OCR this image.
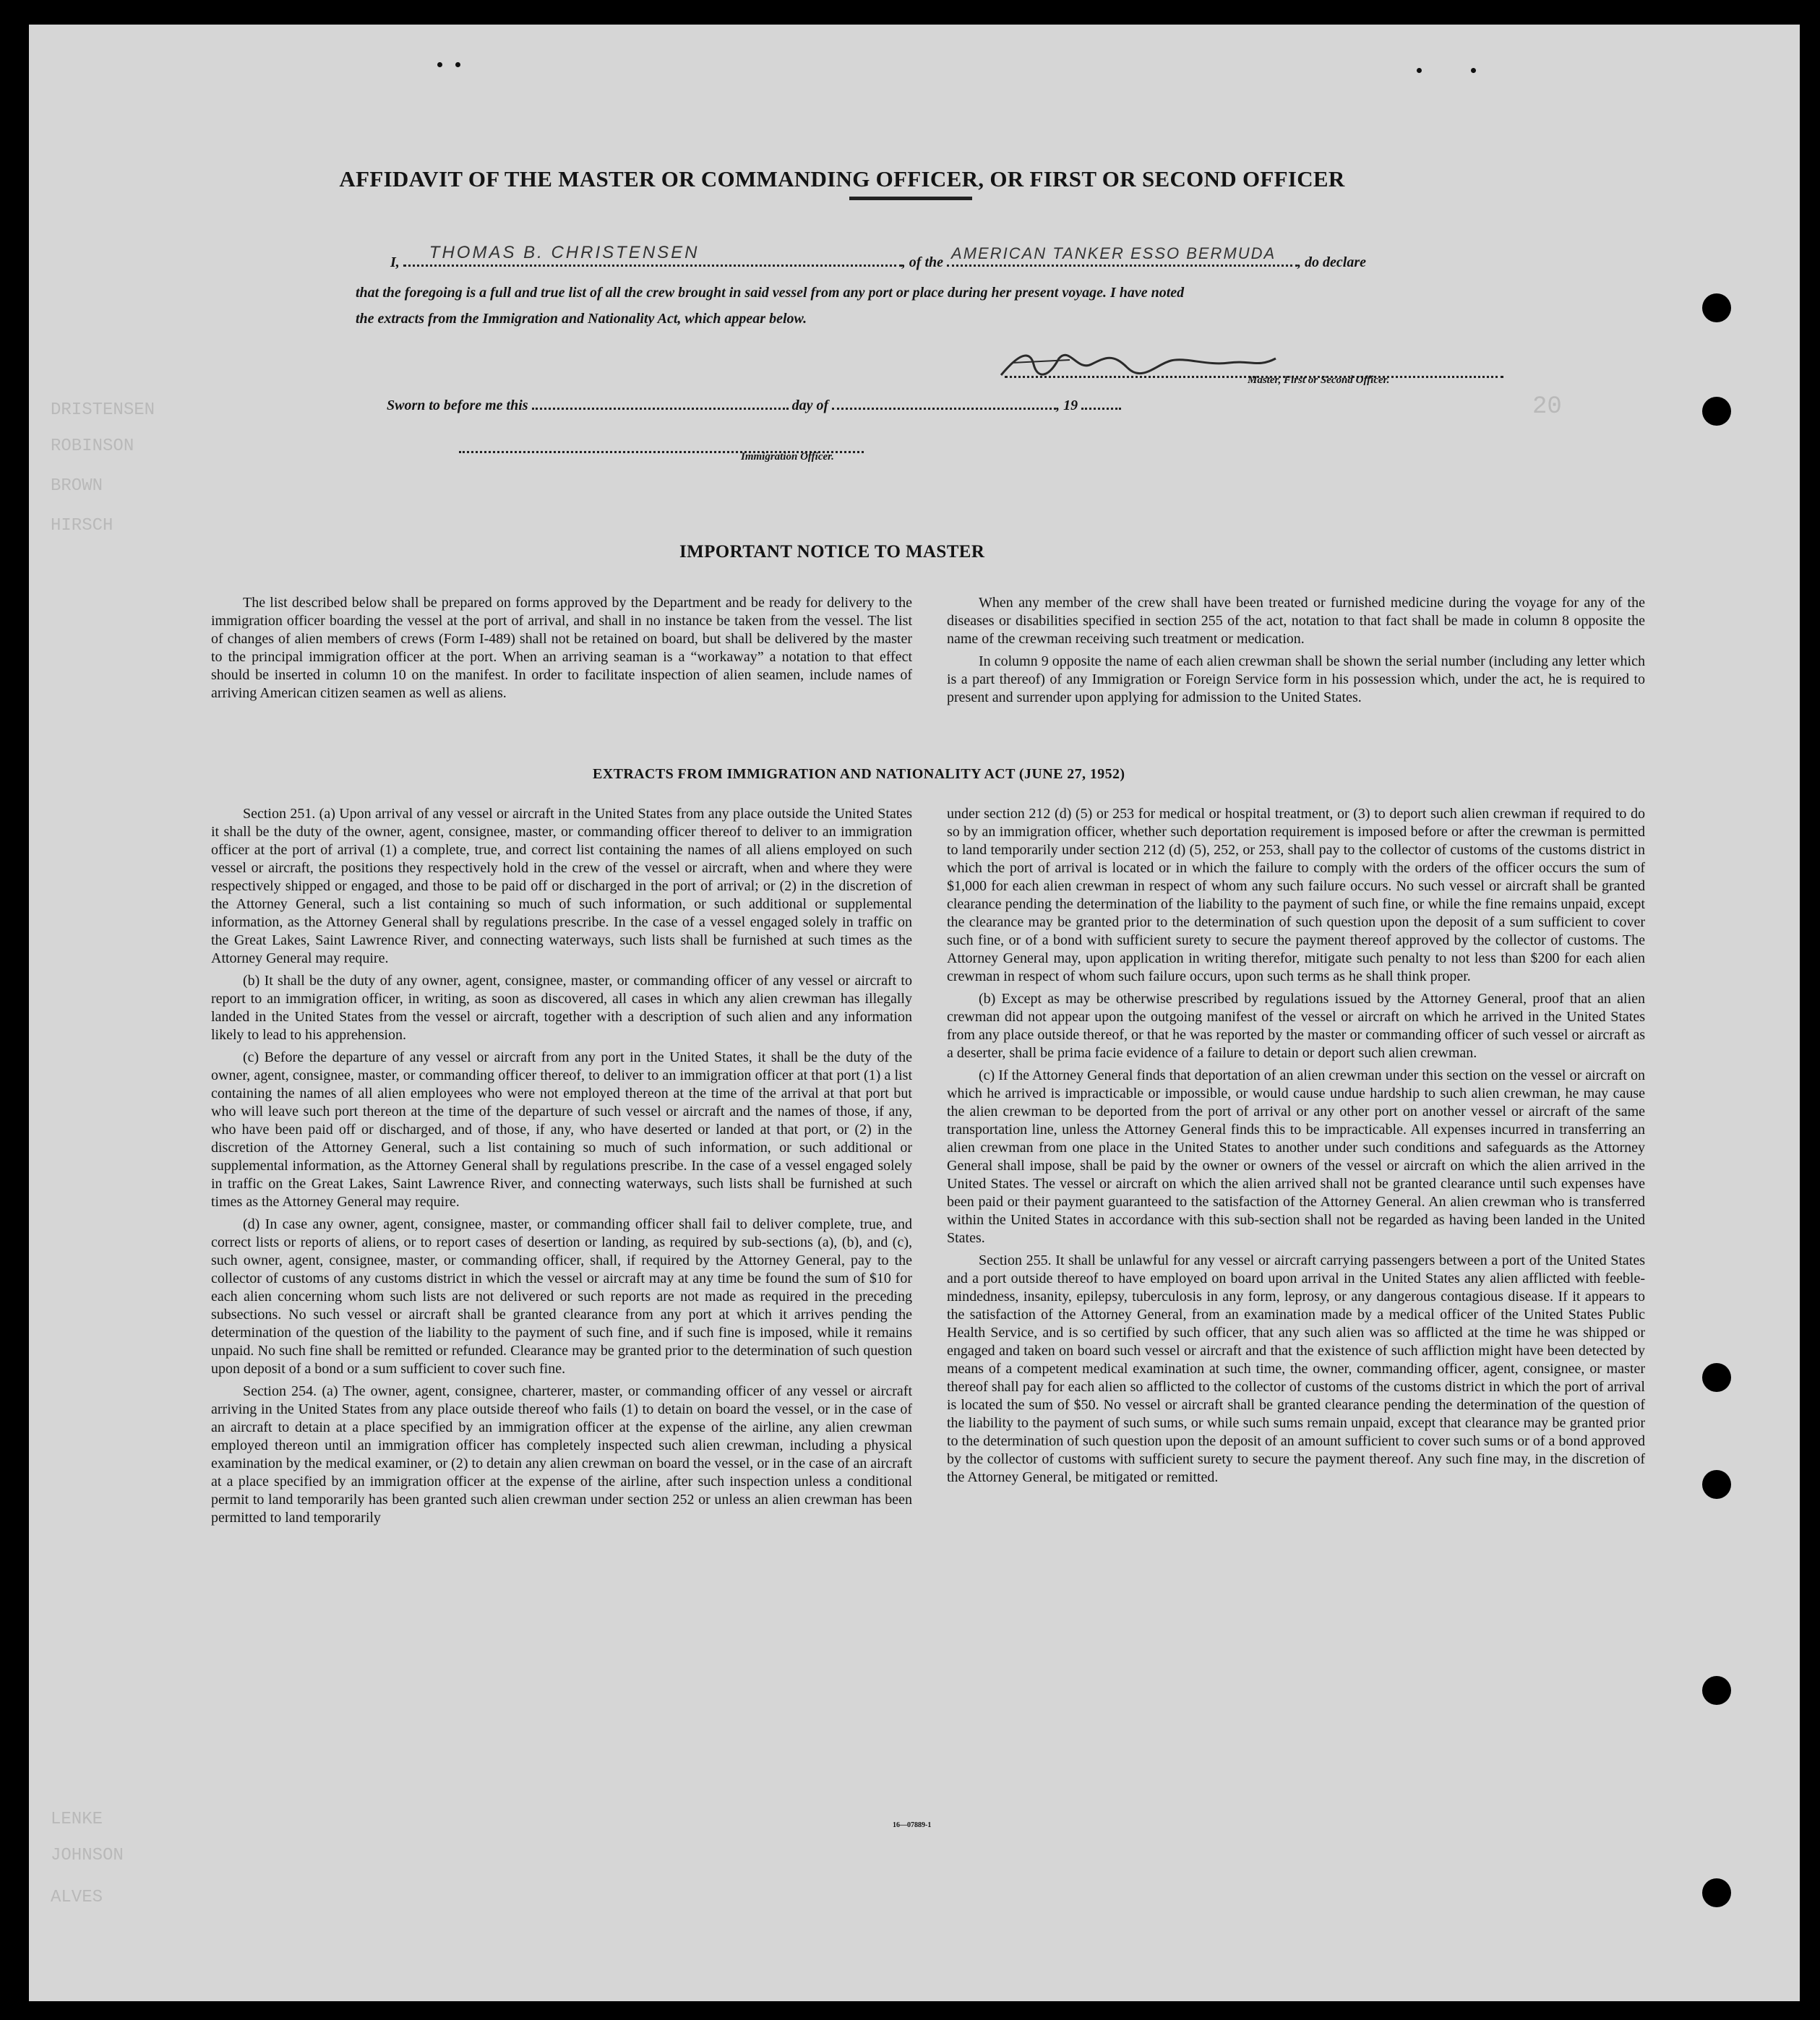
DRISTENSEN
ROBINSON
BROWN
HIRSCH
LENKE
JOHNSON
ALVES
20
AFFIDAVIT OF THE MASTER OR COMMANDING OFFICER, OR FIRST OR SECOND OFFICER
I, THOMAS B. CHRISTENSEN	, of the AMERICAN TANKER ESSO BERMUDA , do declare
that the foregoing is a full and true list of all the crew brought in said vessel from any port or place during her present voyage. I have noted
the extracts from the Immigration and Nationality Act, which appear below.
Master, First or Second Officer.
Sworn to before me this	day of	, 19
Immigration Officer.
IMPORTANT NOTICE TO MASTER

The list described below shall be prepared on forms approved by the Department and be ready for delivery to the immigration officer boarding the vessel at the port of arrival, and shall in no instance be taken from the vessel. The list of changes of alien members of crews (Form I-489) shall not be retained on board, but shall be delivered by the master to the principal immigration officer at the port. When an arriving seaman is a “workaway” a notation to that effect should be inserted in column 10 on the manifest. In order to facilitate inspection of alien seamen, include names of arriving American citizen seamen as well as aliens.

When any member of the crew shall have been treated or furnished medicine during the voyage for any of the diseases or disabilities specified in section 255 of the act, notation to that fact shall be made in column 8 opposite the name of the crewman receiving such treatment or medication.

In column 9 opposite the name of each alien crewman shall be shown the serial number (including any letter which is a part thereof) of any Immigration or Foreign Service form in his possession which, under the act, he is required to present and surrender upon applying for admission to the United States.

EXTRACTS FROM IMMIGRATION AND NATIONALITY ACT (JUNE 27, 1952)

Section 251. (a) Upon arrival of any vessel or aircraft in the United States from any place outside the United States it shall be the duty of the owner, agent, consignee, master, or commanding officer thereof to deliver to an immigration officer at the port of arrival (1) a complete, true, and correct list containing the names of all aliens employed on such vessel or aircraft, the positions they respectively hold in the crew of the vessel or aircraft, when and where they were respectively shipped or engaged, and those to be paid off or discharged in the port of arrival; or (2) in the discretion of the Attorney General, such a list containing so much of such information, or such additional or supplemental information, as the Attorney General shall by regulations prescribe. In the case of a vessel engaged solely in traffic on the Great Lakes, Saint Lawrence River, and connecting waterways, such lists shall be furnished at such times as the Attorney General may require.

(b) It shall be the duty of any owner, agent, consignee, master, or commanding officer of any vessel or aircraft to report to an immigration officer, in writing, as soon as discovered, all cases in which any alien crewman has illegally landed in the United States from the vessel or aircraft, together with a description of such alien and any information likely to lead to his apprehension.

(c) Before the departure of any vessel or aircraft from any port in the United States, it shall be the duty of the owner, agent, consignee, master, or commanding officer thereof, to deliver to an immigration officer at that port (1) a list containing the names of all alien employees who were not employed thereon at the time of the arrival at that port but who will leave such port thereon at the time of the departure of such vessel or aircraft and the names of those, if any, who have been paid off or discharged, and of those, if any, who have deserted or landed at that port, or (2) in the discretion of the Attorney General, such a list containing so much of such information, or such additional or supplemental information, as the Attorney General shall by regulations prescribe. In the case of a vessel engaged solely in traffic on the Great Lakes, Saint Lawrence River, and connecting waterways, such lists shall be furnished at such times as the Attorney General may require.

(d) In case any owner, agent, consignee, master, or commanding officer shall fail to deliver complete, true, and correct lists or reports of aliens, or to report cases of desertion or landing, as required by sub-sections (a), (b), and (c), such owner, agent, consignee, master, or commanding officer, shall, if required by the Attorney General, pay to the collector of customs of any customs district in which the vessel or aircraft may at any time be found the sum of $10 for each alien concerning whom such lists are not delivered or such reports are not made as required in the preceding subsections. No such vessel or aircraft shall be granted clearance from any port at which it arrives pending the determination of the question of the liability to the payment of such fine, and if such fine is imposed, while it remains unpaid. No such fine shall be remitted or refunded. Clearance may be granted prior to the determination of such question upon deposit of a bond or a sum sufficient to cover such fine.

Section 254. (a) The owner, agent, consignee, charterer, master, or commanding officer of any vessel or aircraft arriving in the United States from any place outside thereof who fails (1) to detain on board the vessel, or in the case of an aircraft to detain at a place specified by an immigration officer at the expense of the airline, any alien crewman employed thereon until an immigration officer has completely inspected such alien crewman, including a physical examination by the medical examiner, or (2) to detain any alien crewman on board the vessel, or in the case of an aircraft at a place specified by an immigration officer at the expense of the airline, after such inspection unless a conditional permit to land temporarily has been granted such alien crewman under section 252 or unless an alien crewman has been permitted to land temporarily

under section 212 (d) (5) or 253 for medical or hospital treatment, or (3) to deport such alien crewman if required to do so by an immigration officer, whether such deportation requirement is imposed before or after the crewman is permitted to land temporarily under section 212 (d) (5), 252, or 253, shall pay to the collector of customs of the customs district in which the port of arrival is located or in which the failure to comply with the orders of the officer occurs the sum of $1,000 for each alien crewman in respect of whom any such failure occurs. No such vessel or aircraft shall be granted clearance pending the determination of the liability to the payment of such fine, or while the fine remains unpaid, except the clearance may be granted prior to the determination of such question upon the deposit of a sum sufficient to cover such fine, or of a bond with sufficient surety to secure the payment thereof approved by the collector of customs. The Attorney General may, upon application in writing therefor, mitigate such penalty to not less than $200 for each alien crewman in respect of whom such failure occurs, upon such terms as he shall think proper.

(b) Except as may be otherwise prescribed by regulations issued by the Attorney General, proof that an alien crewman did not appear upon the outgoing manifest of the vessel or aircraft on which he arrived in the United States from any place outside thereof, or that he was reported by the master or commanding officer of such vessel or aircraft as a deserter, shall be prima facie evidence of a failure to detain or deport such alien crewman.

(c) If the Attorney General finds that deportation of an alien crewman under this section on the vessel or aircraft on which he arrived is impracticable or impossible, or would cause undue hardship to such alien crewman, he may cause the alien crewman to be deported from the port of arrival or any other port on another vessel or aircraft of the same transportation line, unless the Attorney General finds this to be impracticable. All expenses incurred in transferring an alien crewman from one place in the United States to another under such conditions and safeguards as the Attorney General shall impose, shall be paid by the owner or owners of the vessel or aircraft on which the alien arrived in the United States. The vessel or aircraft on which the alien arrived shall not be granted clearance until such expenses have been paid or their payment guaranteed to the satisfaction of the Attorney General. An alien crewman who is transferred within the United States in accordance with this sub-section shall not be regarded as having been landed in the United States.

Section 255. It shall be unlawful for any vessel or aircraft carrying passengers between a port of the United States and a port outside thereof to have employed on board upon arrival in the United States any alien afflicted with feeble-mindedness, insanity, epilepsy, tuberculosis in any form, leprosy, or any dangerous contagious disease. If it appears to the satisfaction of the Attorney General, from an examination made by a medical officer of the United States Public Health Service, and is so certified by such officer, that any such alien was so afflicted at the time he was shipped or engaged and taken on board such vessel or aircraft and that the existence of such affliction might have been detected by means of a competent medical examination at such time, the owner, commanding officer, agent, consignee, or master thereof shall pay for each alien so afflicted to the collector of customs of the customs district in which the port of arrival is located the sum of $50. No vessel or aircraft shall be granted clearance pending the determination of the question of the liability to the payment of such sums, or while such sums remain unpaid, except that clearance may be granted prior to the determination of such question upon the deposit of an amount sufficient to cover such sums or of a bond approved by the collector of customs with sufficient surety to secure the payment thereof. Any such fine may, in the discretion of the Attorney General, be mitigated or remitted.

16—07889-1
